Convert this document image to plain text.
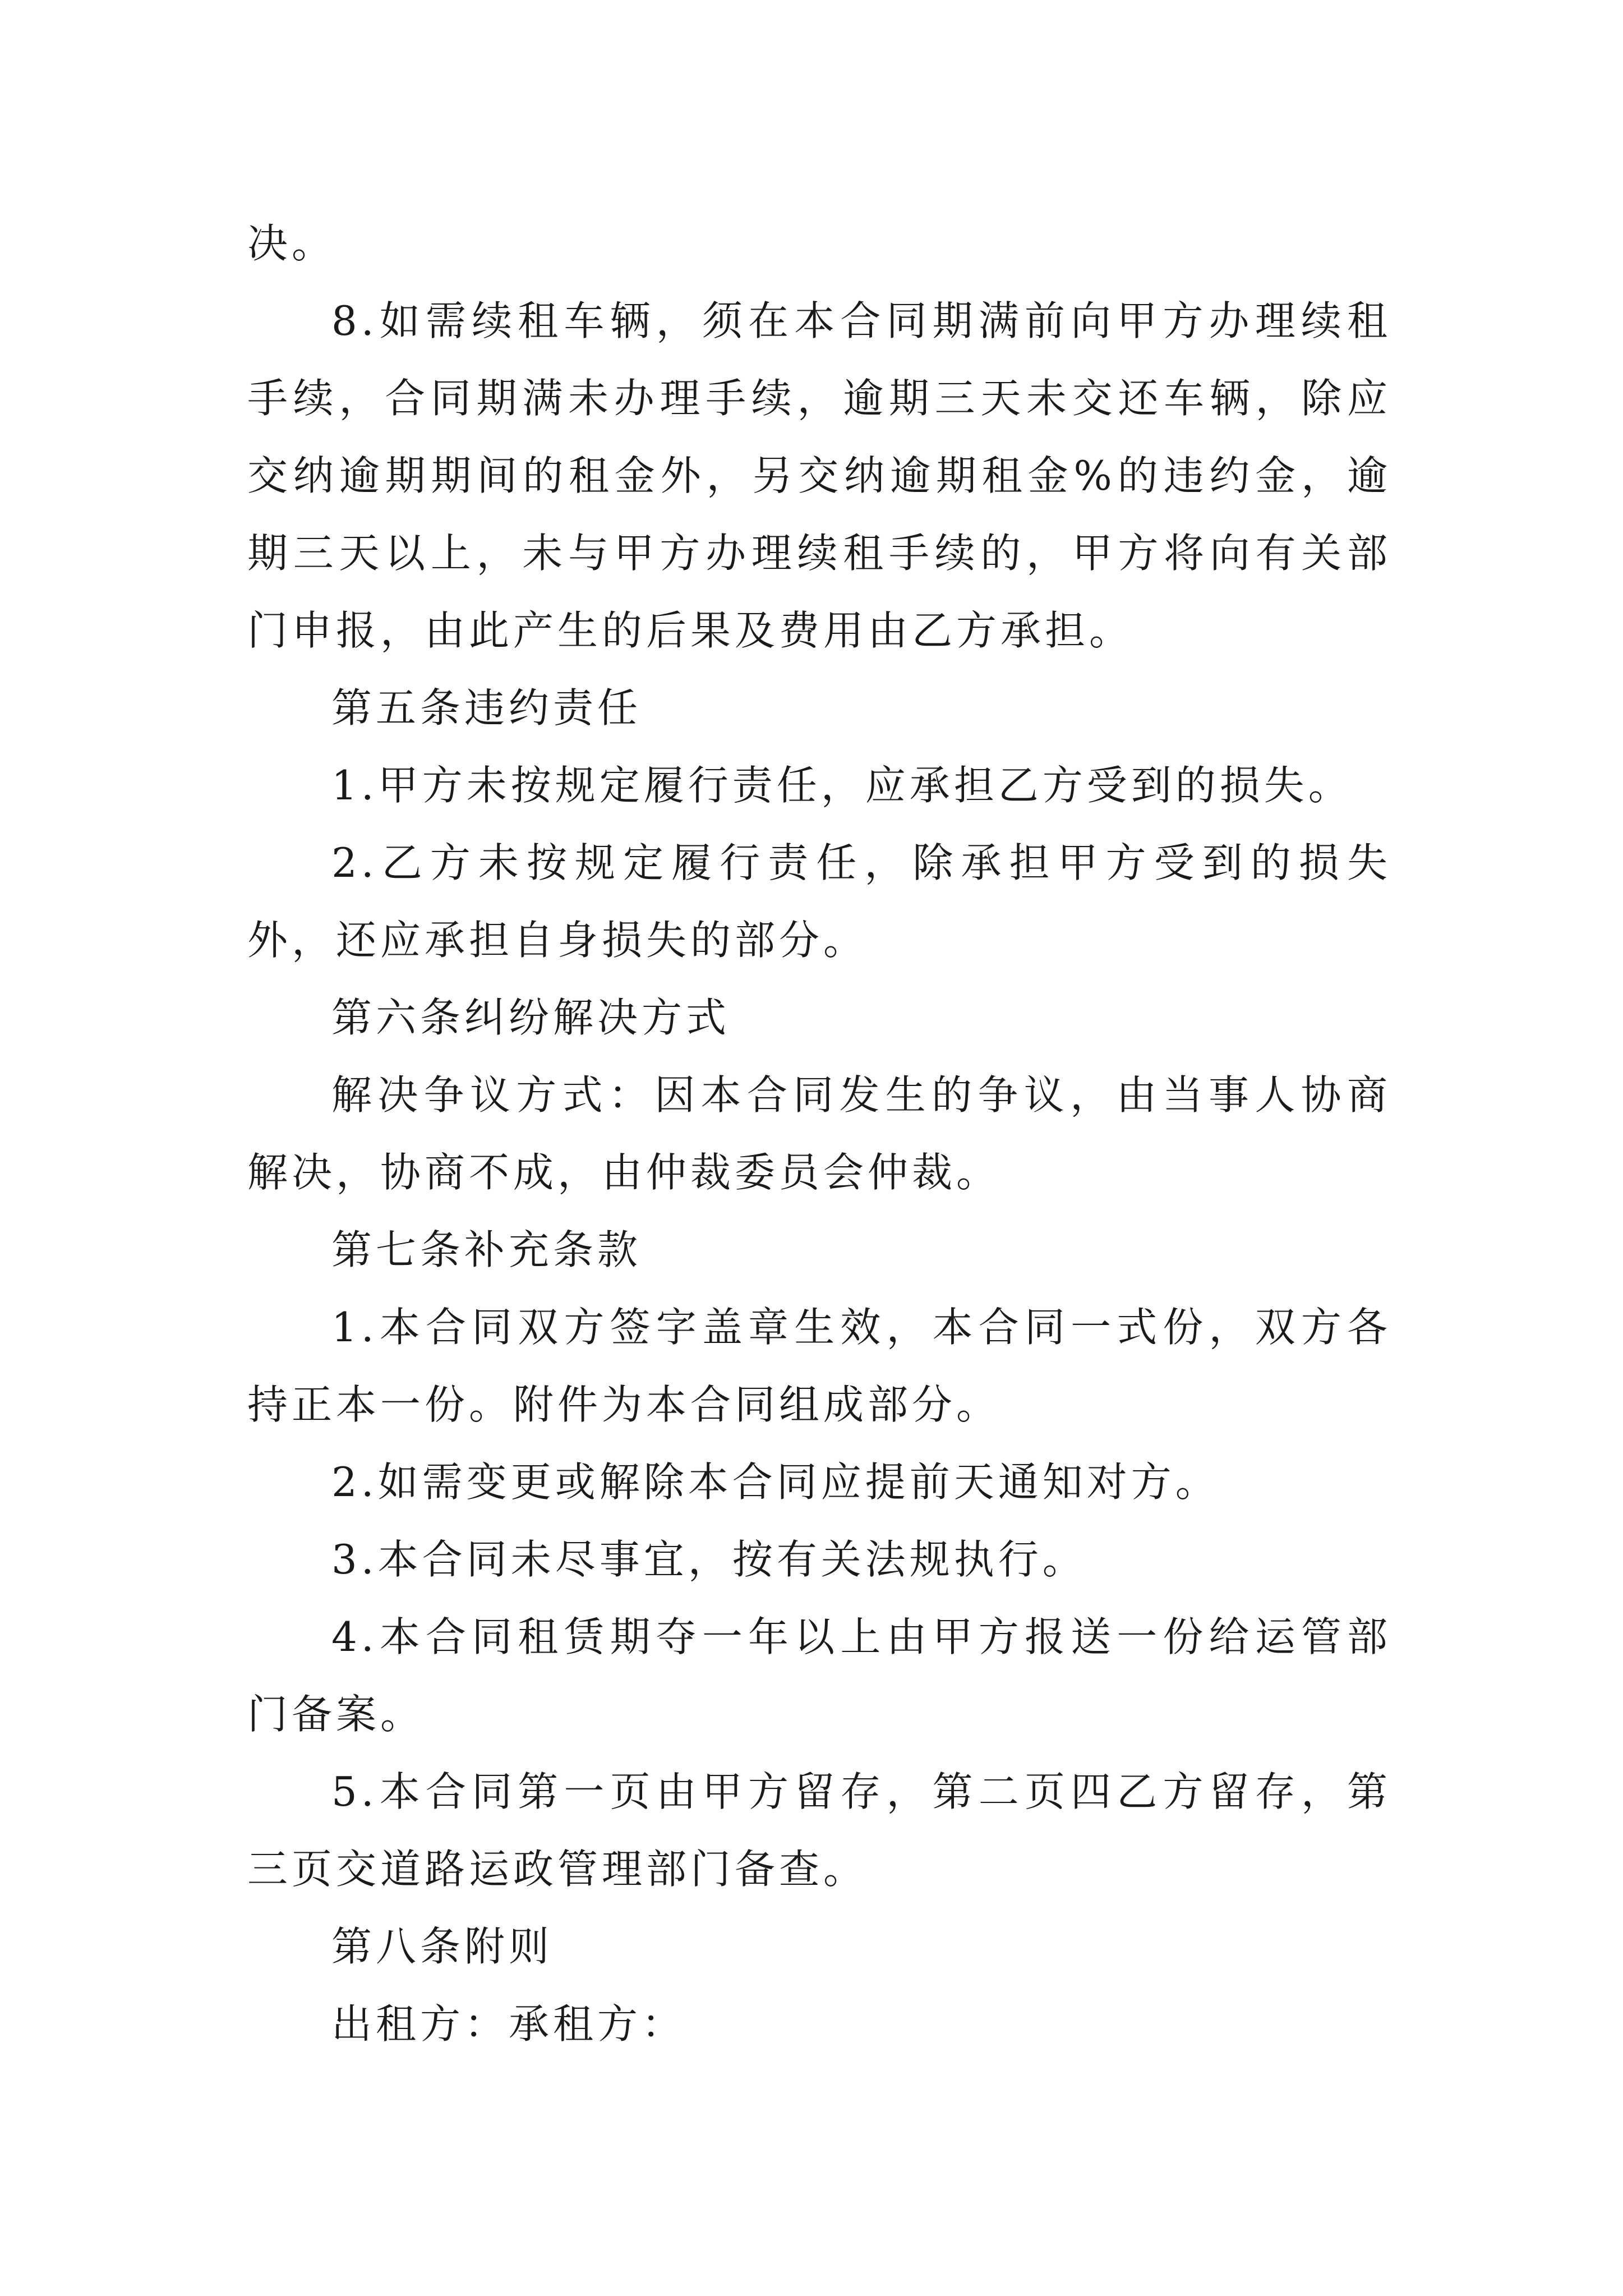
决。

8.如需续租车辆，须在本合同期满前向甲方办理续租手续，合同期满未办理手续，逾期三天未交还车辆，除应交纳逾期期间的租金外，另交纳逾期租金%的违约金，逾期三天以上，未与甲方办理续租手续的，甲方将向有关部门申报，由此产生的后果及费用由乙方承担。

第五条违约责任

1.甲方未按规定履行责任，应承担乙方受到的损失。

2.乙方未按规定履行责任，除承担甲方受到的损失外，还应承担自身损失的部分。

第六条纠纷解决方式

解决争议方式：因本合同发生的争议，由当事人协商解决，协商不成，由仲裁委员会仲裁。

第七条补充条款

1.本合同双方签字盖章生效，本合同一式份，双方各持正本一份。附件为本合同组成部分。

2.如需变更或解除本合同应提前天通知对方。

3.本合同未尽事宜，按有关法规执行。

4.本合同租赁期夺一年以上由甲方报送一份给运管部门备案。

5.本合同第一页由甲方留存，第二页四乙方留存，第三页交道路运政管理部门备查。

第八条附则

出租方：承租方：
